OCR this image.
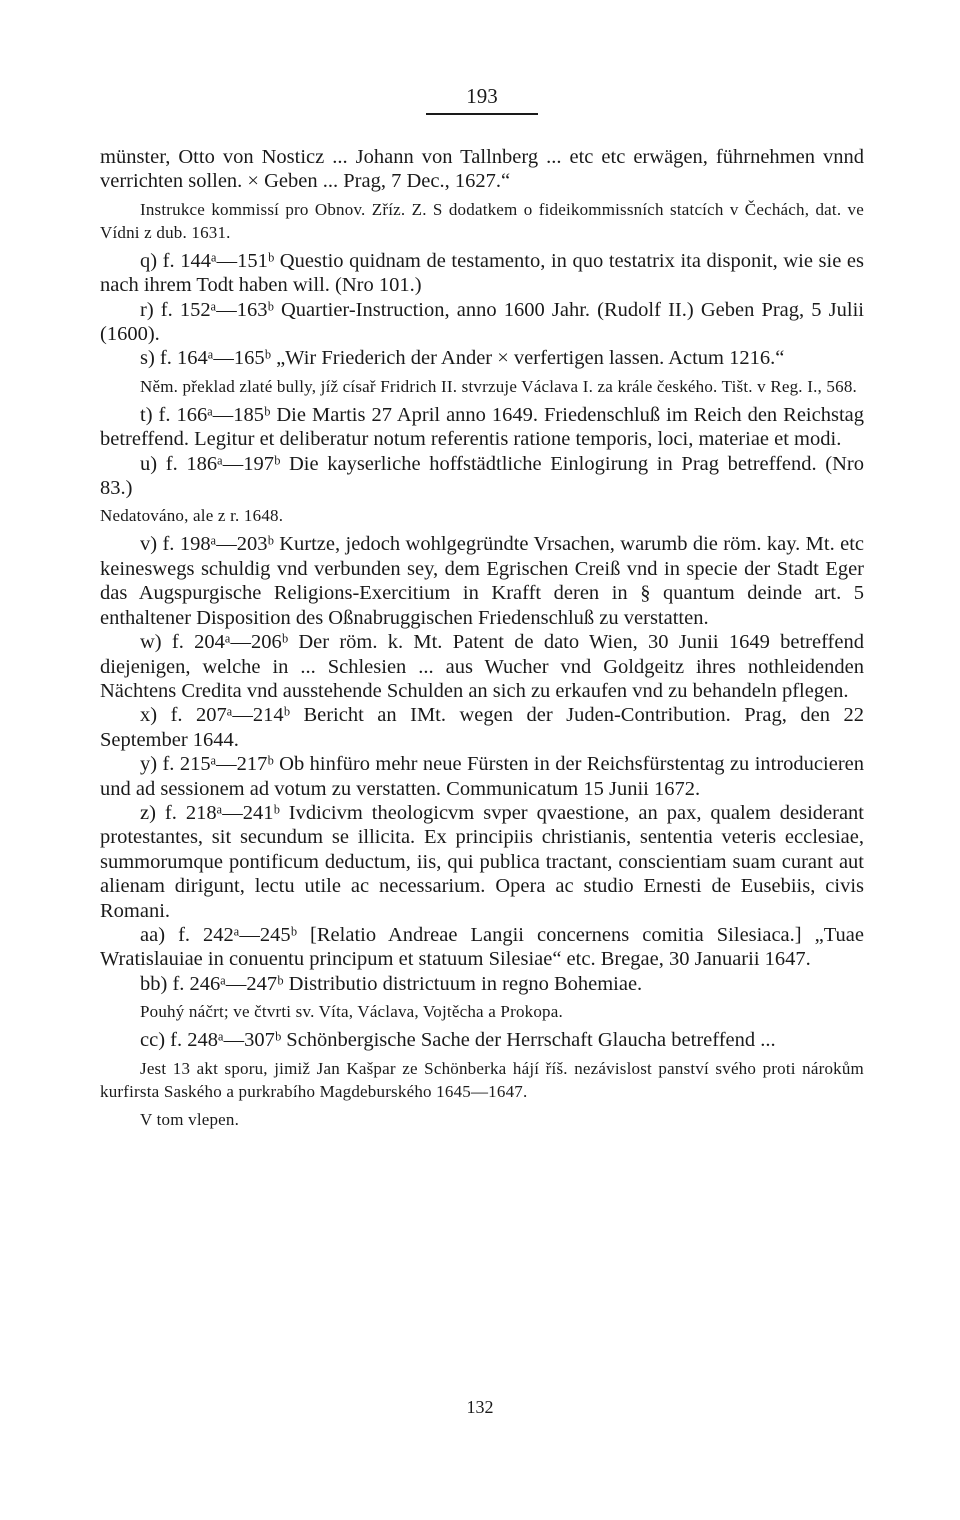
193

münster, Otto von Nosticz ... Johann von Tallnberg ... etc etc erwägen, führnehmen vnnd verrichten sollen. × Geben ... Prag, 7 Dec., 1627.“

Instrukce kommissí pro Obnov. Zříz. Z. S dodatkem o fideikommissních statcích v Čechách, dat. ve Vídni z dub. 1631.

q) f. 144ᵃ—151ᵇ Questio quidnam de testamento, in quo testatrix ita disponit, wie sie es nach ihrem Todt haben will. (Nro 101.)

r) f. 152ᵃ—163ᵇ Quartier-Instruction, anno 1600 Jahr. (Rudolf II.) Geben Prag, 5 Julii (1600).

s) f. 164ᵃ—165ᵇ „Wir Friederich der Ander × verfertigen lassen. Actum 1216.“

Něm. překlad zlaté bully, jíž císař Fridrich II. stvrzuje Václava I. za krále českého. Tišt. v Reg. I., 568.

t) f. 166ᵃ—185ᵇ Die Martis 27 April anno 1649. Friedenschluß im Reich den Reichstag betreffend. Legitur et deliberatur notum referentis ratione temporis, loci, materiae et modi.

u) f. 186ᵃ—197ᵇ Die kayserliche hoffstädtliche Einlogirung in Prag betreffend. (Nro 83.)

Nedatováno, ale z r. 1648.

v) f. 198ᵃ—203ᵇ Kurtze, jedoch wohlgegründte Vrsachen, warumb die röm. kay. Mt. etc keineswegs schuldig vnd verbunden sey, dem Egrischen Creiß vnd in specie der Stadt Eger das Augspurgische Religions-Exercitium in Krafft deren in § quantum deinde art. 5 enthaltener Disposition des Oßnabruggischen Friedenschluß zu verstatten.

w) f. 204ᵃ—206ᵇ Der röm. k. Mt. Patent de dato Wien, 30 Junii 1649 betreffend diejenigen, welche in ... Schlesien ... aus Wucher vnd Goldgeitz ihres nothleidenden Nächtens Credita vnd ausstehende Schulden an sich zu erkaufen vnd zu behandeln pflegen.

x) f. 207ᵃ—214ᵇ Bericht an IMt. wegen der Juden-Contribution. Prag, den 22 September 1644.

y) f. 215ᵃ—217ᵇ Ob hinfüro mehr neue Fürsten in der Reichsfürstentag zu introducieren und ad sessionem ad votum zu verstatten. Communicatum 15 Junii 1672.

z) f. 218ᵃ—241ᵇ Ivdicivm theologicvm svper qvaestione, an pax, qualem desiderant protestantes, sit secundum se illicita. Ex principiis christianis, sententia veteris ecclesiae, summorumque pontificum deductum, iis, qui publica tractant, conscientiam suam curant aut alienam dirigunt, lectu utile ac necessarium. Opera ac studio Ernesti de Eusebiis, civis Romani.

aa) f. 242ᵃ—245ᵇ [Relatio Andreae Langii concernens comitia Silesiaca.] „Tuae Wratislauiae in conuentu principum et statuum Silesiae“ etc. Bregae, 30 Januarii 1647.

bb) f. 246ᵃ—247ᵇ Distributio districtuum in regno Bohemiae.

Pouhý náčrt; ve čtvrti sv. Víta, Václava, Vojtěcha a Prokopa.

cc) f. 248ᵃ—307ᵇ Schönbergische Sache der Herrschaft Glaucha betreffend ...

Jest 13 akt sporu, jimiž Jan Kašpar ze Schönberka hájí říš. nezávislost panství svého proti nárokům kurfirsta Saského a purkrabího Magdeburského 1645—1647.

V tom vlepen.

132
